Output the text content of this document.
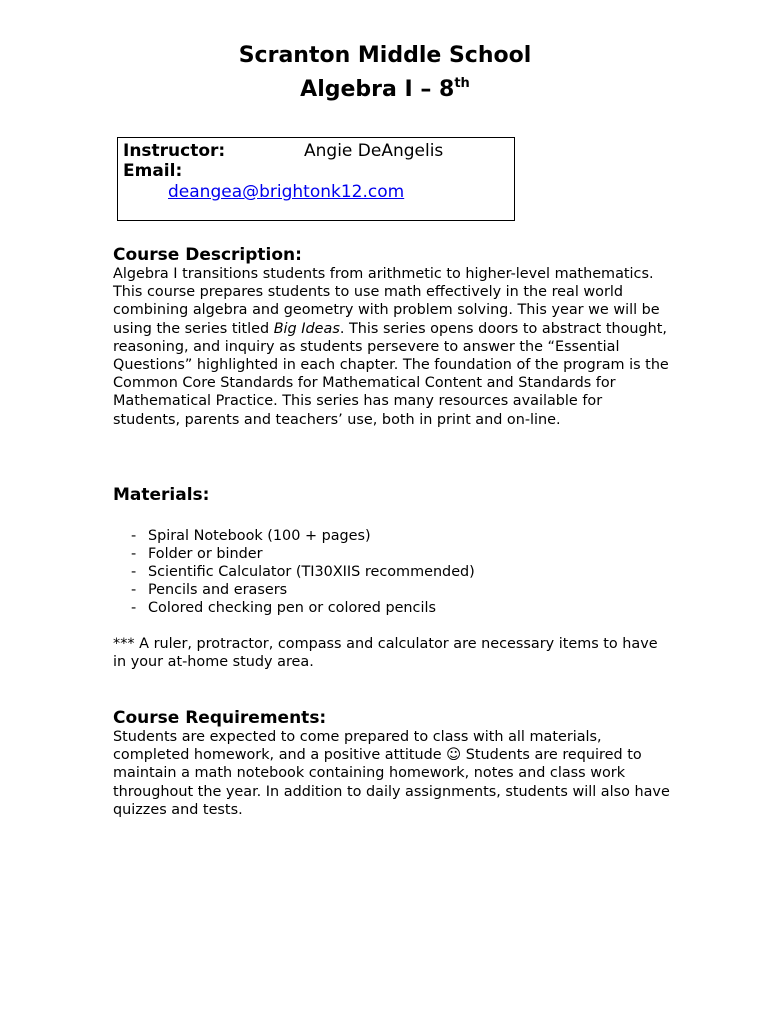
Scranton Middle School
Algebra I – 8th
Instructor:	Angie DeAngelis
Email:
deangea@brightonk12.com
Course Description:

Algebra I transitions students from arithmetic to higher-level mathematics. This course prepares students to use math effectively in the real world combining algebra and geometry with problem solving. This year we will be using the series titled Big Ideas. This series opens doors to abstract thought, reasoning, and inquiry as students persevere to answer the “Essential Questions” highlighted in each chapter. The foundation of the program is the Common Core Standards for Mathematical Content and Standards for Mathematical Practice. This series has many resources available for students, parents and teachers’ use, both in print and on-line.

Materials:
- Spiral Notebook (100 + pages)
- Folder or binder
- Scientific Calculator (TI30XIIS recommended)
- Pencils and erasers
- Colored checking pen or colored pencils

*** A ruler, protractor, compass and calculator are necessary items to have in your at-home study area.

Course Requirements:

Students are expected to come prepared to class with all materials, completed homework, and a positive attitude ☺ Students are required to maintain a math notebook containing homework, notes and class work throughout the year. In addition to daily assignments, students will also have quizzes and tests.
